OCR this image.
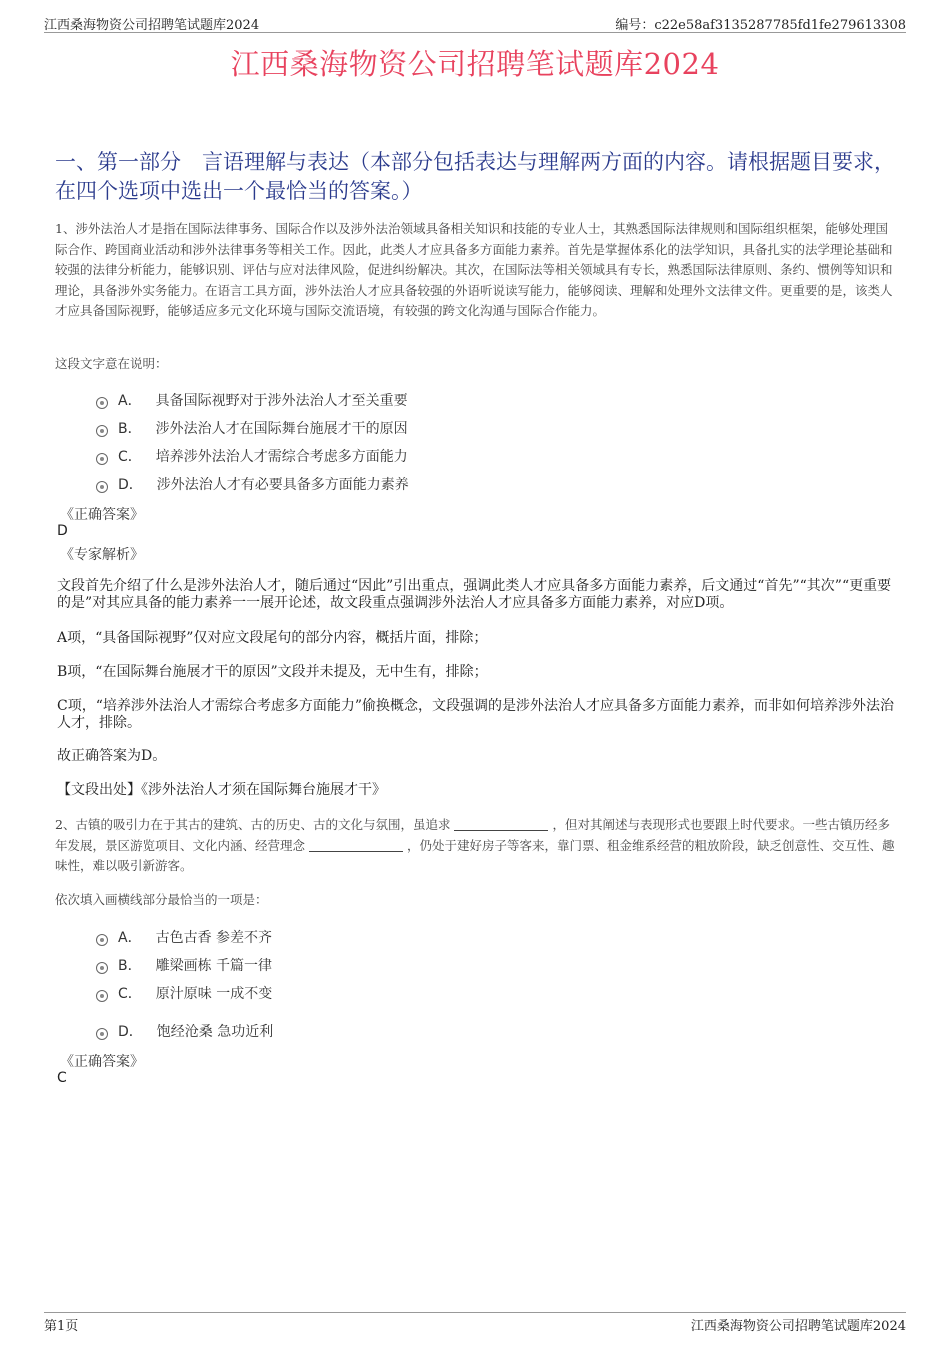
江西桑海物资公司招聘笔试题库2024	编号：c22e58af3135287785fd1fe279613308
江西桑海物资公司招聘笔试题库2024
一、第一部分　言语理解与表达（本部分包括表达与理解两方面的内容。请根据题目要求，在四个选项中选出一个最恰当的答案。）
1、涉外法治人才是指在国际法律事务、国际合作以及涉外法治领域具备相关知识和技能的专业人士，其熟悉国际法律规则和国际组织框架，能够处理国际合作、跨国商业活动和涉外法律事务等相关工作。因此，此类人才应具备多方面能力素养。首先是掌握体系化的法学知识，具备扎实的法学理论基础和较强的法律分析能力，能够识别、评估与应对法律风险，促进纠纷解决。其次，在国际法等相关领域具有专长，熟悉国际法律原则、条约、惯例等知识和理论，具备涉外实务能力。在语言工具方面，涉外法治人才应具备较强的外语听说读写能力，能够阅读、理解和处理外文法律文件。更重要的是，该类人才应具备国际视野，能够适应多元文化环境与国际交流语境，有较强的跨文化沟通与国际合作能力。
这段文字意在说明：
A． 具备国际视野对于涉外法治人才至关重要
B． 涉外法治人才在国际舞台施展才干的原因
C． 培养涉外法治人才需综合考虑多方面能力
D． 涉外法治人才有必要具备多方面能力素养
《正确答案》
D
《专家解析》
文段首先介绍了什么是涉外法治人才，随后通过“因此”引出重点，强调此类人才应具备多方面能力素养，后文通过“首先”“其次”“更重要的是”对其应具备的能力素养一一展开论述，故文段重点强调涉外法治人才应具备多方面能力素养，对应D项。
A项，“具备国际视野”仅对应文段尾句的部分内容，概括片面，排除；
B项，“在国际舞台施展才干的原因”文段并未提及，无中生有，排除；
C项，“培养涉外法治人才需综合考虑多方面能力”偷换概念，文段强调的是涉外法治人才应具备多方面能力素养，而非如何培养涉外法治人才，排除。
故正确答案为D。
【文段出处】《涉外法治人才须在国际舞台施展才干》
2、古镇的吸引力在于其古的建筑、古的历史、古的文化与氛围，虽追求	，但对其阐述与表现形式也要跟上时代要求。一些古镇历经多年发展，景区游览项目、文化内涵、经营理念	，仍处于建好房子等客来，靠门票、租金维系经营的粗放阶段，缺乏创意性、交互性、趣味性，难以吸引新游客。
依次填入画横线部分最恰当的一项是：
A． 古色古香 参差不齐
B． 雕梁画栋 千篇一律
C． 原汁原味 一成不变
D． 饱经沧桑 急功近利
《正确答案》
C
第1页	江西桑海物资公司招聘笔试题库2024
